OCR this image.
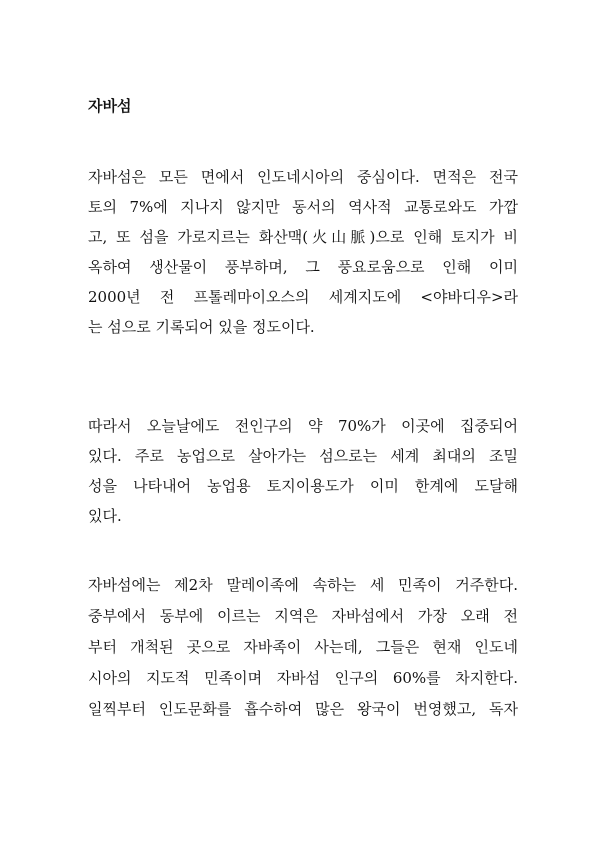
자바섬
자바섬은 모든 면에서 인도네시아의 중심이다. 면적은 전국
토의 7%에 지나지 않지만 동서의 역사적 교통로와도 가깝
고, 또 섬을 가로지르는 화산맥(火山脈)으로 인해 토지가 비
옥하여 생산물이 풍부하며, 그 풍요로움으로 인해 이미
2000년 전 프톨레마이오스의 세계지도에 <야바디우>라
는 섬으로 기록되어 있을 정도이다.
따라서 오늘날에도 전인구의 약 70%가 이곳에 집중되어
있다. 주로 농업으로 살아가는 섬으로는 세계 최대의 조밀
성을 나타내어 농업용 토지이용도가 이미 한계에 도달해
있다.
자바섬에는 제2차 말레이족에 속하는 세 민족이 거주한다.
중부에서 동부에 이르는 지역은 자바섬에서 가장 오래 전
부터 개척된 곳으로 자바족이 사는데, 그들은 현재 인도네
시아의 지도적 민족이며 자바섬 인구의 60%를 차지한다.
일찍부터 인도문화를 흡수하여 많은 왕국이 번영했고, 독자
